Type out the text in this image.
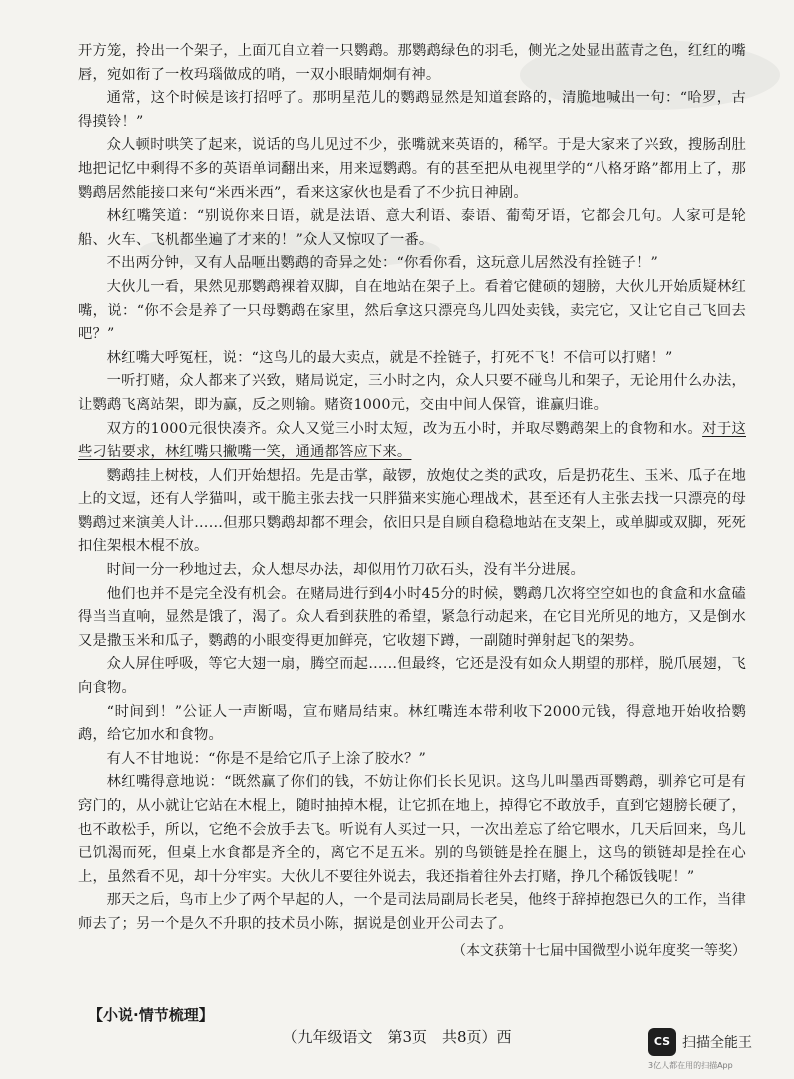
开方笼，拎出一个架子，上面兀自立着一只鹦鹉。那鹦鹉绿色的羽毛，侧光之处显出蓝青之色，红红的嘴唇，宛如衔了一枚玛瑙做成的哨，一双小眼睛炯炯有神。

通常，这个时候是该打招呼了。那明星范儿的鹦鹉显然是知道套路的，清脆地喊出一句：“哈罗，古得摸铃！”

众人顿时哄笑了起来，说话的鸟儿见过不少，张嘴就来英语的，稀罕。于是大家来了兴致，搜肠刮肚地把记忆中剩得不多的英语单词翻出来，用来逗鹦鹉。有的甚至把从电视里学的“八格牙路”都用上了，那鹦鹉居然能接口来句“米西米西”，看来这家伙也是看了不少抗日神剧。

林红嘴笑道：“别说你来日语，就是法语、意大利语、泰语、葡萄牙语，它都会几句。人家可是轮船、火车、飞机都坐遍了才来的！”众人又惊叹了一番。

不出两分钟，又有人品咂出鹦鹉的奇异之处：“你看你看，这玩意儿居然没有拴链子！”

大伙儿一看，果然见那鹦鹉裸着双脚，自在地站在架子上。看着它健硕的翅膀，大伙儿开始质疑林红嘴，说：“你不会是养了一只母鹦鹉在家里，然后拿这只漂亮鸟儿四处卖钱，卖完它，又让它自己飞回去吧？”

林红嘴大呼冤枉，说：“这鸟儿的最大卖点，就是不拴链子，打死不飞！不信可以打赌！”

一听打赌，众人都来了兴致，赌局说定，三小时之内，众人只要不碰鸟儿和架子，无论用什么办法，让鹦鹉飞离站架，即为赢，反之则输。赌资1000元，交由中间人保管，谁赢归谁。

双方的1000元很快凑齐。众人又觉三小时太短，改为五小时，并取尽鹦鹉架上的食物和水。对于这些刁钻要求，林红嘴只撇嘴一笑，通通都答应下来。

鹦鹉挂上树枝，人们开始想招。先是击掌，敲锣，放炮仗之类的武攻，后是扔花生、玉米、瓜子在地上的文逗，还有人学猫叫，或干脆主张去找一只胖猫来实施心理战术，甚至还有人主张去找一只漂亮的母鹦鹉过来演美人计……但那只鹦鹉却都不理会，依旧只是自顾自稳稳地站在支架上，或单脚或双脚，死死扣住架根木棍不放。

时间一分一秒地过去，众人想尽办法，却似用竹刀砍石头，没有半分进展。

他们也并不是完全没有机会。在赌局进行到4小时45分的时候，鹦鹉几次将空空如也的食盒和水盒磕得当当直响，显然是饿了，渴了。众人看到获胜的希望，紧急行动起来，在它目光所见的地方，又是倒水又是撒玉米和瓜子，鹦鹉的小眼变得更加鲜亮，它收翅下蹲，一副随时弹射起飞的架势。

众人屏住呼吸，等它大翅一扇，腾空而起……但最终，它还是没有如众人期望的那样，脱爪展翅，飞向食物。

“时间到！”公证人一声断喝，宣布赌局结束。林红嘴连本带利收下2000元钱，得意地开始收拾鹦鹉，给它加水和食物。

有人不甘地说：“你是不是给它爪子上涂了胶水？”

林红嘴得意地说：“既然赢了你们的钱，不妨让你们长长见识。这鸟儿叫墨西哥鹦鹉，驯养它可是有窍门的，从小就让它站在木棍上，随时抽掉木棍，让它抓在地上，掉得它不敢放手，直到它翅膀长硬了，也不敢松手，所以，它绝不会放手去飞。听说有人买过一只，一次出差忘了给它喂水，几天后回来，鸟儿已饥渴而死，但桌上水食都是齐全的，离它不足五米。别的鸟锁链是拴在腿上，这鸟的锁链却是拴在心上，虽然看不见，却十分牢实。大伙儿不要往外说去，我还指着往外去打赌，挣几个稀饭钱呢！”

那天之后，鸟市上少了两个早起的人，一个是司法局副局长老吴，他终于辞掉抱怨已久的工作，当律师去了；另一个是久不升职的技术员小陈，据说是创业开公司去了。

（本文获第十七届中国微型小说年度奖一等奖）

【小说·情节梳理】
（九年级语文　第3页　共8页）西	CS 扫描全能王
3亿人都在用的扫描App
